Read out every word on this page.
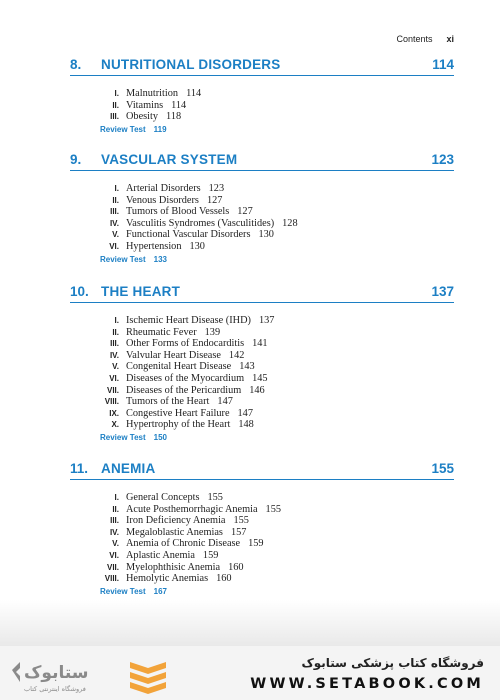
Contents xi
8. NUTRITIONAL DISORDERS	114
I. Malnutrition 114
II. Vitamins 114
III. Obesity 118
Review Test 119
9. VASCULAR SYSTEM	123
I. Arterial Disorders 123
II. Venous Disorders 127
III. Tumors of Blood Vessels 127
IV. Vasculitis Syndromes (Vasculitides) 128
V. Functional Vascular Disorders 130
VI. Hypertension 130
Review Test 133
10. THE HEART	137
I. Ischemic Heart Disease (IHD) 137
II. Rheumatic Fever 139
III. Other Forms of Endocarditis 141
IV. Valvular Heart Disease 142
V. Congenital Heart Disease 143
VI. Diseases of the Myocardium 145
VII. Diseases of the Pericardium 146
VIII. Tumors of the Heart 147
IX. Congestive Heart Failure 147
X. Hypertrophy of the Heart 148
Review Test 150
11. ANEMIA	155
I. General Concepts 155
II. Acute Posthemorrhagic Anemia 155
III. Iron Deficiency Anemia 155
IV. Megaloblastic Anemias 157
V. Anemia of Chronic Disease 159
VI. Aplastic Anemia 159
VII. Myelophthisic Anemia 160
VIII. Hemolytic Anemias 160
Review Test 167
ستابوک
فروشگاه اینترنتی کتاب
فروشگاه کتاب پزشکی ستابوک
WWW.SETABOOK.COM
